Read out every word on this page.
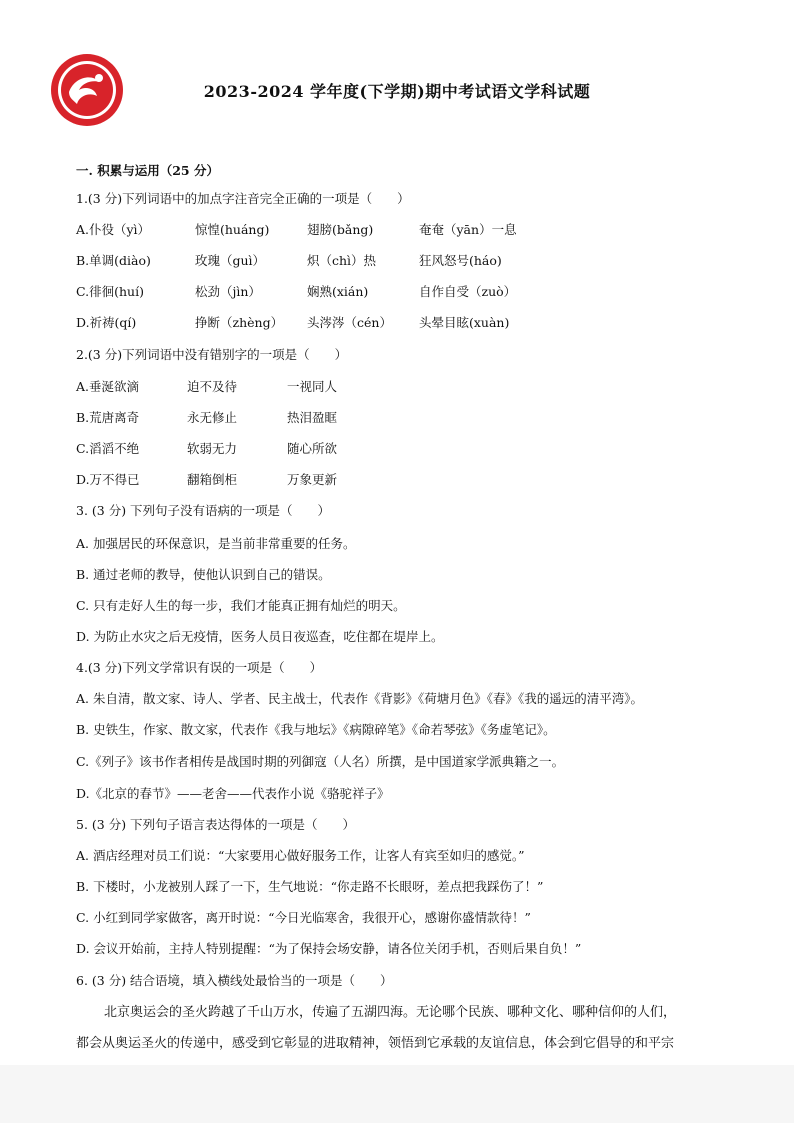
2023-2024 学年度(下学期)期中考试语文学科试题
一. 积累与运用（25 分）
1.(3 分)下列词语中的加点字注音完全正确的一项是（　　）
A.仆役（yì）	惊惶(huáng)	翅膀(bǎng)	奄奄（yān）一息
B.单调(diào)	玫瑰（guì）	炽（chì）热	狂风怒号(háo)
C.徘徊(huí)	松劲（jìn）	娴熟(xián)	自作自受（zuò）
D.祈祷(qí)	挣断（zhèng） 头涔涔（cén） 头晕目眩(xuàn)
2.(3 分)下列词语中没有错别字的一项是（　　）
A.垂涎欲滴	迫不及待	一视同人
B.荒唐离奇	永无修止	热泪盈眶
C.滔滔不绝	软弱无力	随心所欲
D.万不得已	翻箱倒柜	万象更新
3. (3 分) 下列句子没有语病的一项是（　　）
A. 加强居民的环保意识，是当前非常重要的任务。
B. 通过老师的教导，使他认识到自己的错误。
C. 只有走好人生的每一步，我们才能真正拥有灿烂的明天。
D. 为防止水灾之后无疫情，医务人员日夜巡查，吃住都在堤岸上。
4.(3 分)下列文学常识有误的一项是（　　）
A. 朱自清，散文家、诗人、学者、民主战士，代表作《背影》《荷塘月色》《春》《我的遥远的清平湾》。
B. 史铁生，作家、散文家，代表作《我与地坛》《病隙碎笔》《命若琴弦》《务虚笔记》。
C.《列子》该书作者相传是战国时期的列御寇（人名）所撰，是中国道家学派典籍之一。
D.《北京的春节》——老舍——代表作小说《骆驼祥子》
5. (3 分) 下列句子语言表达得体的一项是（　　）
A. 酒店经理对员工们说：“大家要用心做好服务工作，让客人有宾至如归的感觉。”
B. 下楼时，小龙被别人踩了一下，生气地说：“你走路不长眼呀，差点把我踩伤了！”
C. 小红到同学家做客，离开时说：“今日光临寒舍，我很开心，感谢你盛情款待！”
D. 会议开始前，主持人特别提醒：“为了保持会场安静，请各位关闭手机，否则后果自负！”
6. (3 分) 结合语境，填入横线处最恰当的一项是（　　）
北京奥运会的圣火跨越了千山万水，传遍了五湖四海。无论哪个民族、哪种文化、哪种信仰的人们，
都会从奥运圣火的传递中，感受到它彰显的进取精神，领悟到它承载的友谊信息，体会到它倡导的和平宗
